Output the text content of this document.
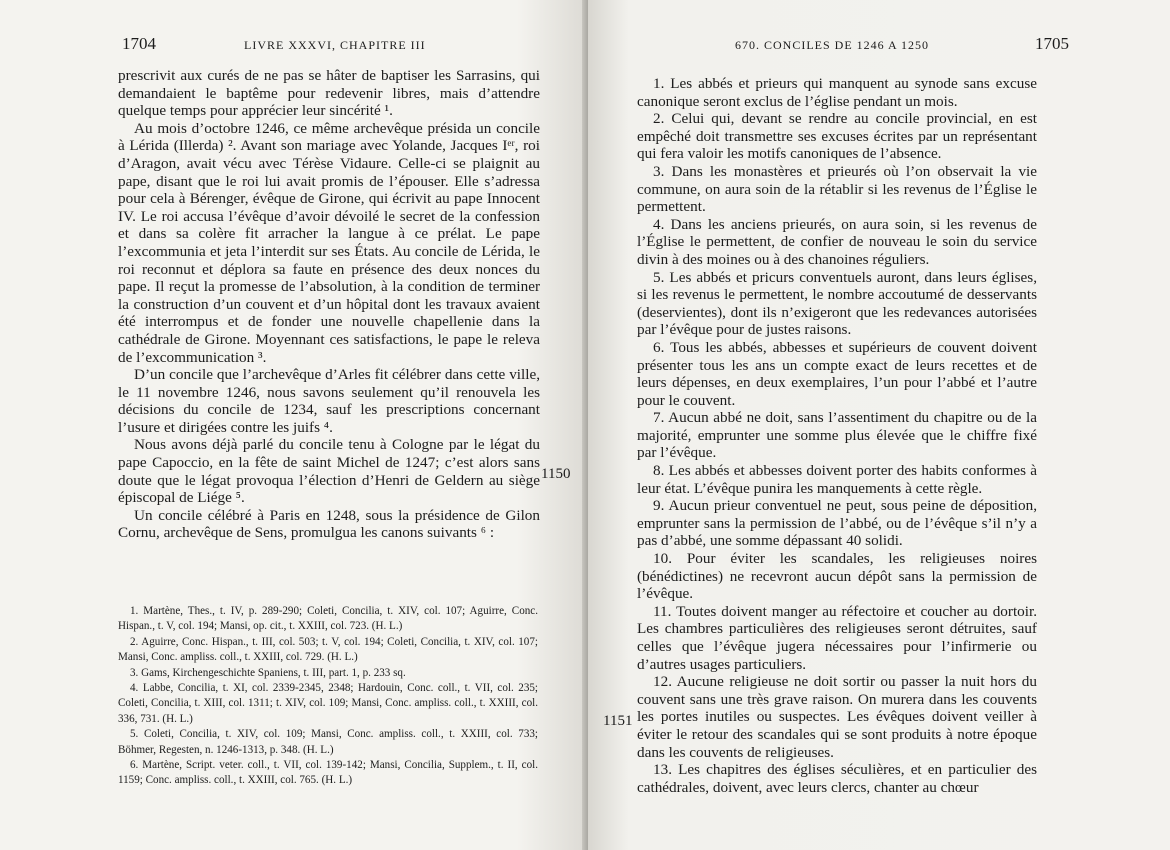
1704	LIVRE XXXVI, CHAPITRE III

prescrivit aux curés de ne pas se hâter de baptiser les Sarrasins, qui demandaient le baptême pour redevenir libres, mais d’attendre quelque temps pour apprécier leur sincérité ¹.

Au mois d’octobre 1246, ce même archevêque présida un concile à Lérida (Illerda) ². Avant son mariage avec Yolande, Jacques Iᵉʳ, roi d’Aragon, avait vécu avec Térèse Vidaure. Celle-ci se plaignit au pape, disant que le roi lui avait promis de l’épouser. Elle s’adressa pour cela à Bérenger, évêque de Girone, qui écrivit au pape Innocent IV. Le roi accusa l’évêque d’avoir dévoilé le secret de la confession et dans sa colère fit arracher la langue à ce prélat. Le pape l’excommunia et jeta l’interdit sur ses États. Au concile de Lérida, le roi reconnut et déplora sa faute en présence des deux nonces du pape. Il reçut la promesse de l’absolution, à la condition de terminer la construction d’un couvent et d’un hôpital dont les travaux avaient été interrompus et de fonder une nouvelle chapellenie dans la cathédrale de Girone. Moyennant ces satisfactions, le pape le releva de l’excommunication ³.

D’un concile que l’archevêque d’Arles fit célébrer dans cette ville, le 11 novembre 1246, nous savons seulement qu’il renouvela les décisions du concile de 1234, sauf les prescriptions concernant l’usure et dirigées contre les juifs ⁴.

Nous avons déjà parlé du concile tenu à Cologne par le légat du pape Capoccio, en la fête de saint Michel de 1247; c’est alors sans doute que le légat provoqua l’élection d’Henri de Geldern au siège épiscopal de Liége ⁵.

Un concile célébré à Paris en 1248, sous la présidence de Gilon Cornu, archevêque de Sens, promulgua les canons suivants ⁶ :

1. Martène, Thes., t. IV, p. 289-290; Coleti, Concilia, t. XIV, col. 107; Aguirre, Conc. Hispan., t. V, col. 194; Mansi, op. cit., t. XXIII, col. 723. (H. L.)

2. Aguirre, Conc. Hispan., t. III, col. 503; t. V, col. 194; Coleti, Concilia, t. XIV, col. 107; Mansi, Conc. ampliss. coll., t. XXIII, col. 729. (H. L.)

3. Gams, Kirchengeschichte Spaniens, t. III, part. 1, p. 233 sq.

4. Labbe, Concilia, t. XI, col. 2339-2345, 2348; Hardouin, Conc. coll., t. VII, col. 235; Coleti, Concilia, t. XIII, col. 1311; t. XIV, col. 109; Mansi, Conc. ampliss. coll., t. XXIII, col. 336, 731. (H. L.)

5. Coleti, Concilia, t. XIV, col. 109; Mansi, Conc. ampliss. coll., t. XXIII, col. 733; Böhmer, Regesten, n. 1246-1313, p. 348. (H. L.)

6. Martène, Script. veter. coll., t. VII, col. 139-142; Mansi, Concilia, Supplem., t. II, col. 1159; Conc. ampliss. coll., t. XXIII, col. 765. (H. L.)

670. CONCILES DE 1246 A 1250	1705

1. Les abbés et prieurs qui manquent au synode sans excuse canonique seront exclus de l’église pendant un mois.

2. Celui qui, devant se rendre au concile provincial, en est empêché doit transmettre ses excuses écrites par un représentant qui fera valoir les motifs canoniques de l’absence.

3. Dans les monastères et prieurés où l’on observait la vie commune, on aura soin de la rétablir si les revenus de l’Église le permettent.

4. Dans les anciens prieurés, on aura soin, si les revenus de l’Église le permettent, de confier de nouveau le soin du service divin à des moines ou à des chanoines réguliers.

5. Les abbés et pricurs conventuels auront, dans leurs églises, si les revenus le permettent, le nombre accoutumé de desservants (deservientes), dont ils n’exigeront que les redevances autorisées par l’évêque pour de justes raisons.

6. Tous les abbés, abbesses et supérieurs de couvent doivent présenter tous les ans un compte exact de leurs recettes et de leurs dépenses, en deux exemplaires, l’un pour l’abbé et l’autre pour le couvent.

7. Aucun abbé ne doit, sans l’assentiment du chapitre ou de la majorité, emprunter une somme plus élevée que le chiffre fixé par l’évêque.

8. Les abbés et abbesses doivent porter des habits conformes à leur état. L’évêque punira les manquements à cette règle.

9. Aucun prieur conventuel ne peut, sous peine de déposition, emprunter sans la permission de l’abbé, ou de l’évêque s’il n’y a pas d’abbé, une somme dépassant 40 solidi.

10. Pour éviter les scandales, les religieuses noires (bénédictines) ne recevront aucun dépôt sans la permission de l’évêque.

11. Toutes doivent manger au réfectoire et coucher au dortoir. Les chambres particulières des religieuses seront détruites, sauf celles que l’évêque jugera nécessaires pour l’infirmerie ou d’autres usages particuliers.

12. Aucune religieuse ne doit sortir ou passer la nuit hors du couvent sans une très grave raison. On murera dans les couvents les portes inutiles ou suspectes. Les évêques doivent veiller à éviter le retour des scandales qui se sont produits à notre époque dans les couvents de religieuses.

13. Les chapitres des églises séculières, et en particulier des cathédrales, doivent, avec leurs clercs, chanter au chœur

1150
1151
